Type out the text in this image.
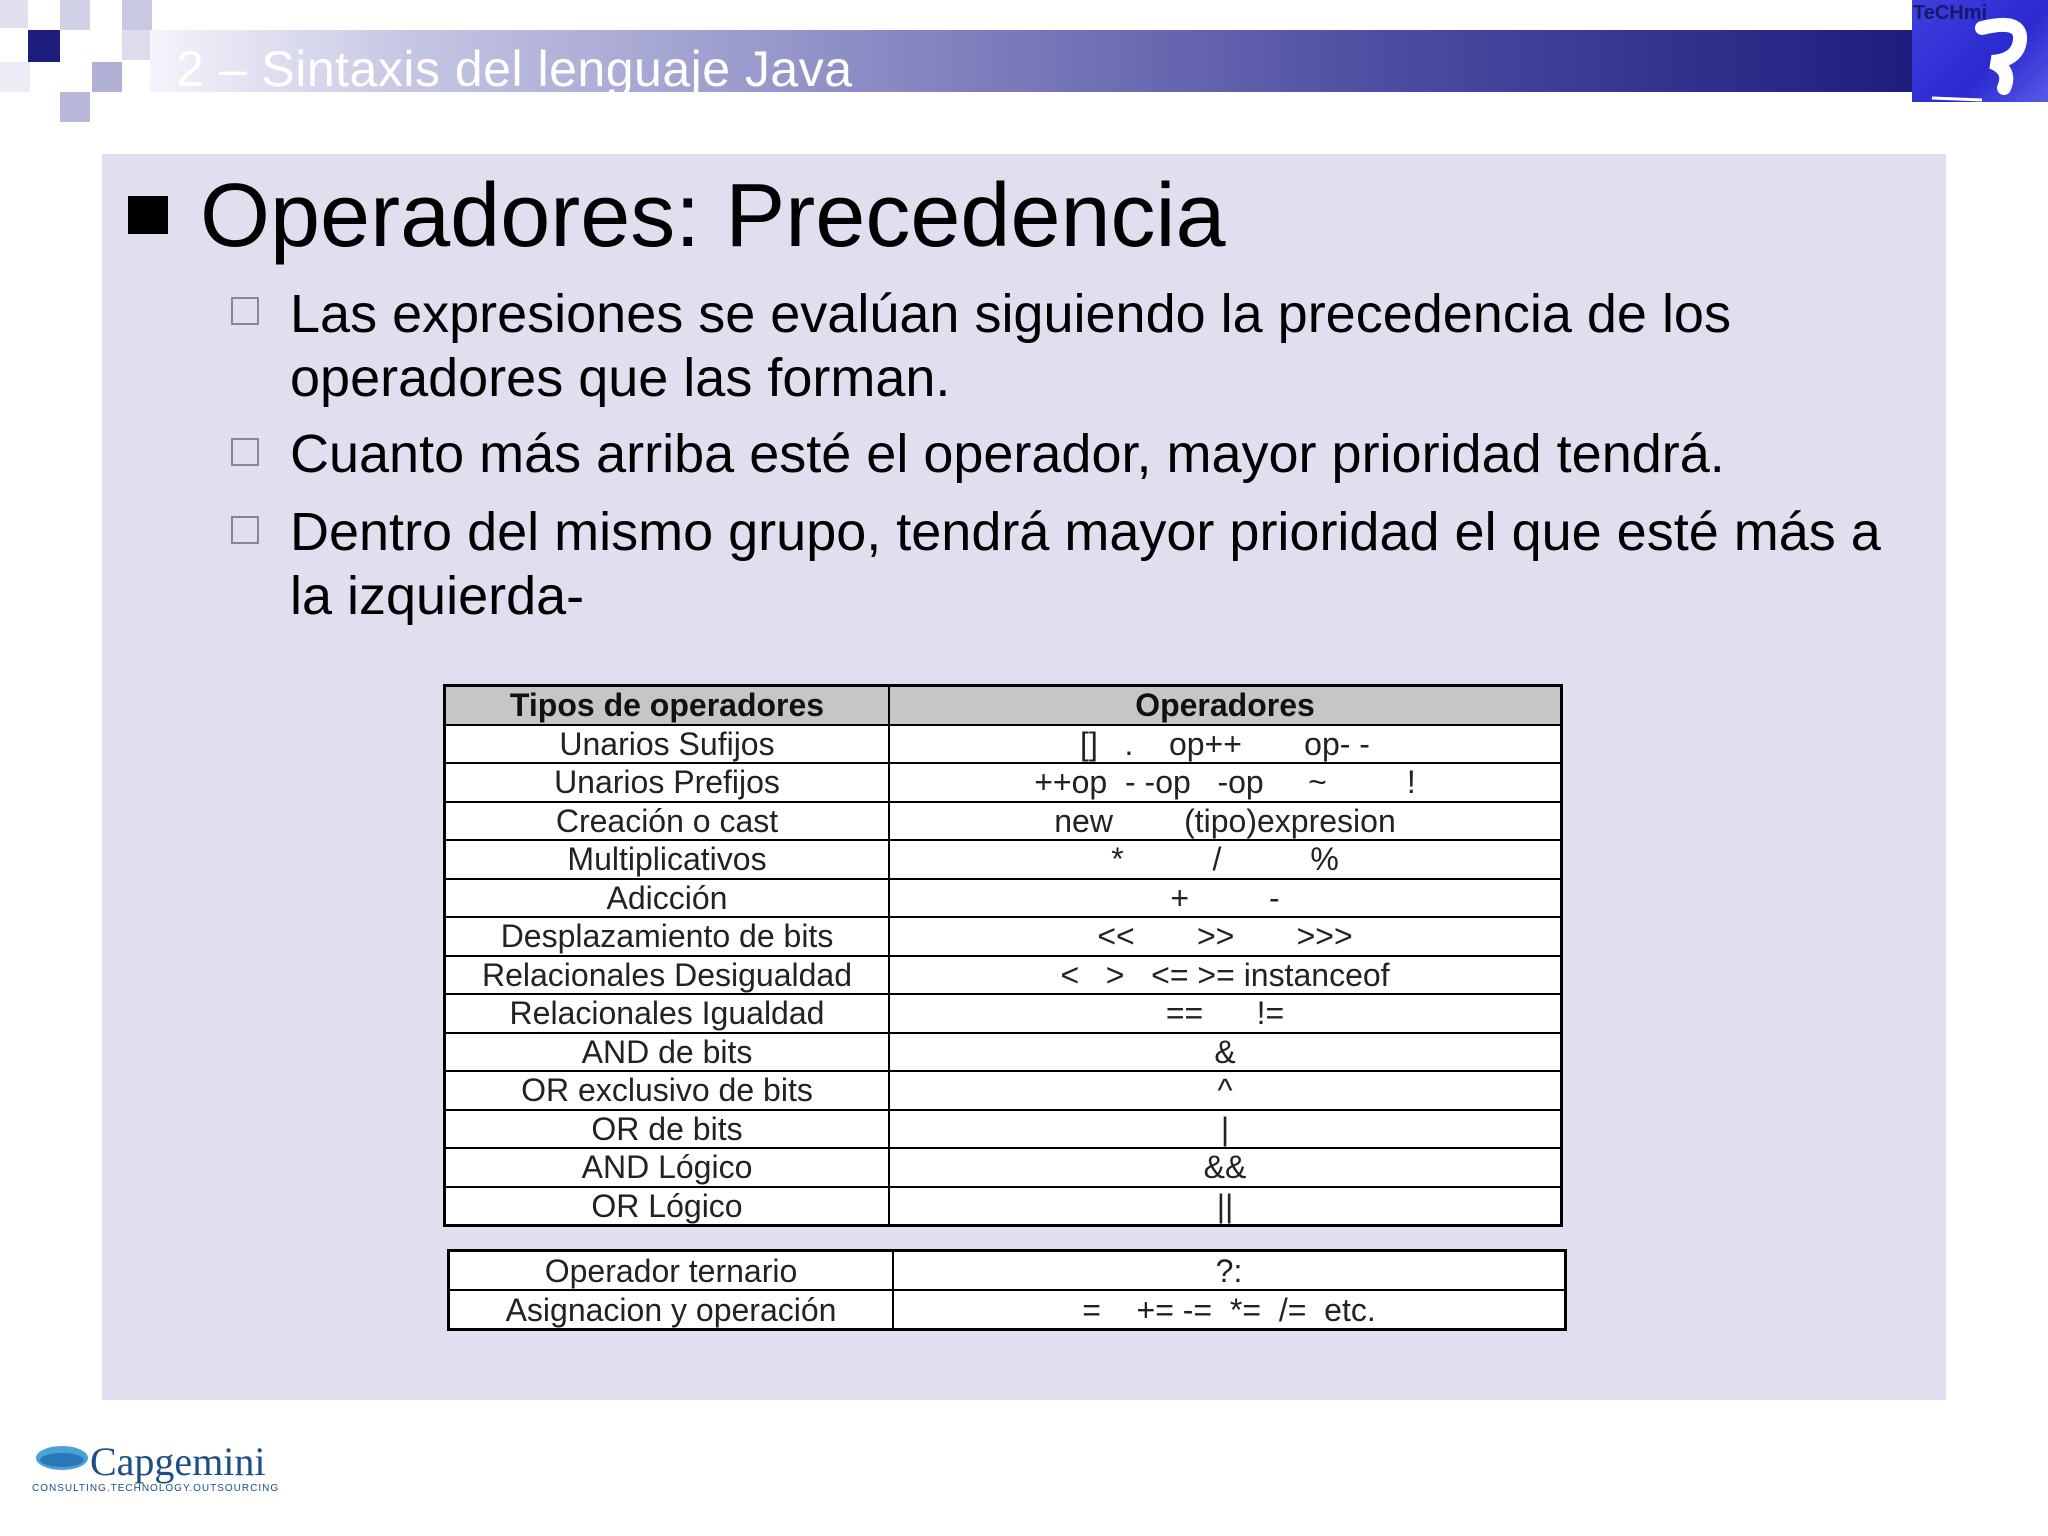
2 – Sintaxis del lenguaje Java
TeCHmi
Operadores: Precedencia
Las expresiones se evalúan siguiendo la precedencia de los operadores que las forman.
Cuanto más arriba esté el operador, mayor prioridad tendrá.
Dentro del mismo grupo, tendrá mayor prioridad el que esté más a la izquierda-
Tipos de operadores	Operadores
Unarios Sufijos	[]   .    op++       op- -
Unarios Prefijos	++op  - -op   -op     ~         !
Creación o cast	new        (tipo)expresion
Multiplicativos	*          /          %
Adicción	+         -
Desplazamiento de bits	<<       >>       >>>
Relacionales Desigualdad	<   >   <= >= instanceof
Relacionales Igualdad	==      !=
AND de bits	&
OR exclusivo de bits	^
OR de bits	|
AND Lógico	&&
OR Lógico	||
Operador ternario	?:
Asignacion y operación	=    += -=  *=  /=  etc.
Capgemini
CONSULTING.TECHNOLOGY.OUTSOURCING
